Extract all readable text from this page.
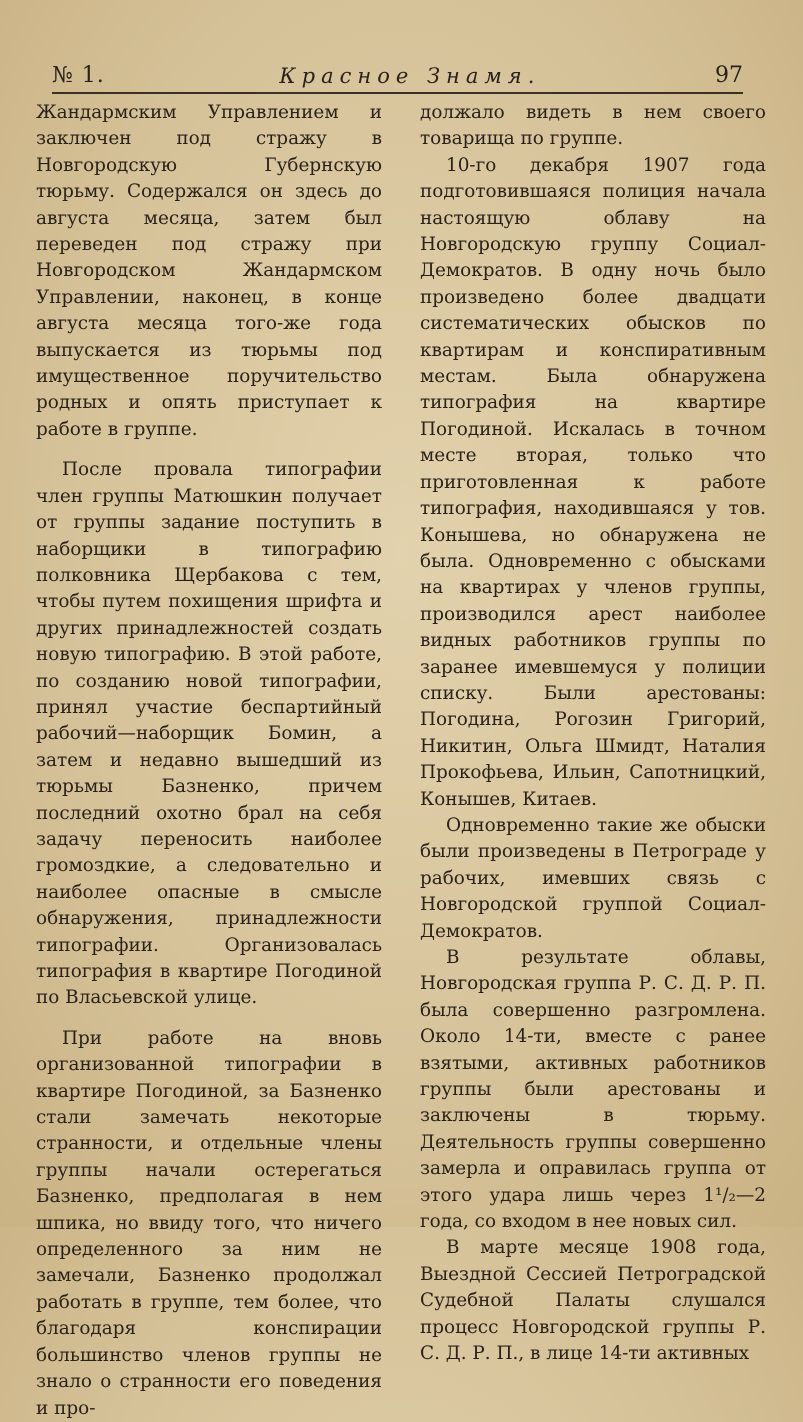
№ 1.	Красное Знамя.	97

Жандармским Управлением и заключен под стражу в Новгородскую Губернскую тюрьму. Содержался он здесь до августа месяца, затем был переведен под стражу при Новгородском Жандармском Управлении, наконец, в конце августа месяца того-же года выпускается из тюрьмы под имущественное поручительство родных и опять приступает к работе в группе.

После провала типографии член группы Матюшкин получает от группы задание поступить в наборщики в типографию полковника Щербакова с тем, чтобы путем похищения шрифта и других принадлежностей создать новую типографию. В этой работе, по созданию новой типографии, принял участие беспартийный рабочий—наборщик Бомин, а затем и недавно вышедший из тюрьмы Базненко, причем последний охотно брал на себя задачу переносить наиболее громоздкие, а следовательно и наиболее опасные в смысле обнаружения, принадлежности типографии. Организовалась типография в квартире Погодиной по Власьевской улице.

При работе на вновь организованной типографии в квартире Погодиной, за Базненко стали замечать некоторые странности, и отдельные члены группы начали остерегаться Базненко, предполагая в нем шпика, но ввиду того, что ничего определенного за ним не замечали, Базненко продолжал работать в группе, тем более, что благодаря конспирации большинство членов группы не знало о странности его поведения и про-

должало видеть в нем своего товарища по группе.

10-го декабря 1907 года подготовившаяся полиция начала настоящую облаву на Новгородскую группу Социал-Демократов. В одну ночь было произведено более двадцати систематических обысков по квартирам и конспиративным местам. Была обнаружена типография на квартире Погодиной. Искалась в точном месте вторая, только что приготовленная к работе типография, находившаяся у тов. Конышева, но обнаружена не была. Одновременно с обысками на квартирах у членов группы, производился арест наиболее видных работников группы по заранее имевшемуся у полиции списку. Были арестованы: Погодина, Рогозин Григорий, Никитин, Ольга Шмидт, Наталия Прокофьева, Ильин, Сапотницкий, Конышев, Китаев.

Одновременно такие же обыски были произведены в Петрограде у рабочих, имевших связь с Новгородской группой Социал-Демократов.

В результате облавы, Новгородская группа Р. С. Д. Р. П. была совершенно разгромлена. Около 14-ти, вместе с ранее взятыми, активных работников группы были арестованы и заключены в тюрьму. Деятельность группы совершенно замерла и оправилась группа от этого удара лишь через 1¹/₂—2 года, со входом в нее новых сил.

В марте месяце 1908 года, Выездной Сессией Петроградской Судебной Палаты слушался процесс Новгородской группы Р. С. Д. Р. П., в лице 14-ти активных
